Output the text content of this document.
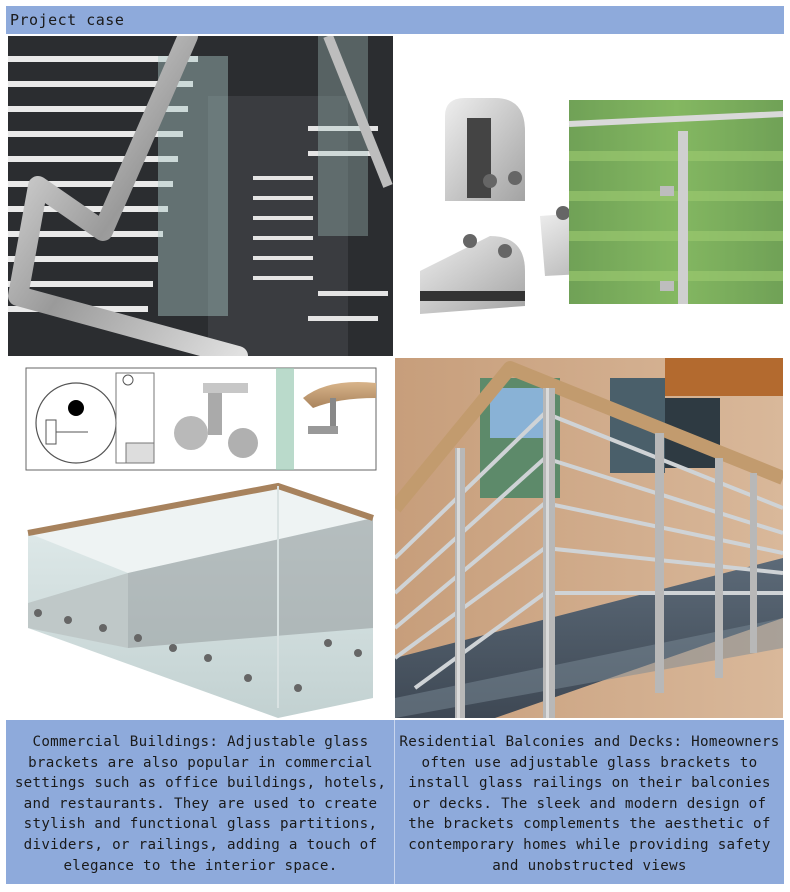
Project case
Commercial Buildings: Adjustable glass brackets are also popular in commercial settings such as office buildings, hotels, and restaurants. They are used to create stylish and functional glass partitions, dividers, or railings, adding a touch of elegance to the interior space.
Residential Balconies and Decks: Homeowners often use adjustable glass brackets to install glass railings on their balconies or decks. The sleek and modern design of the brackets complements the aesthetic of contemporary homes while providing safety and unobstructed views
